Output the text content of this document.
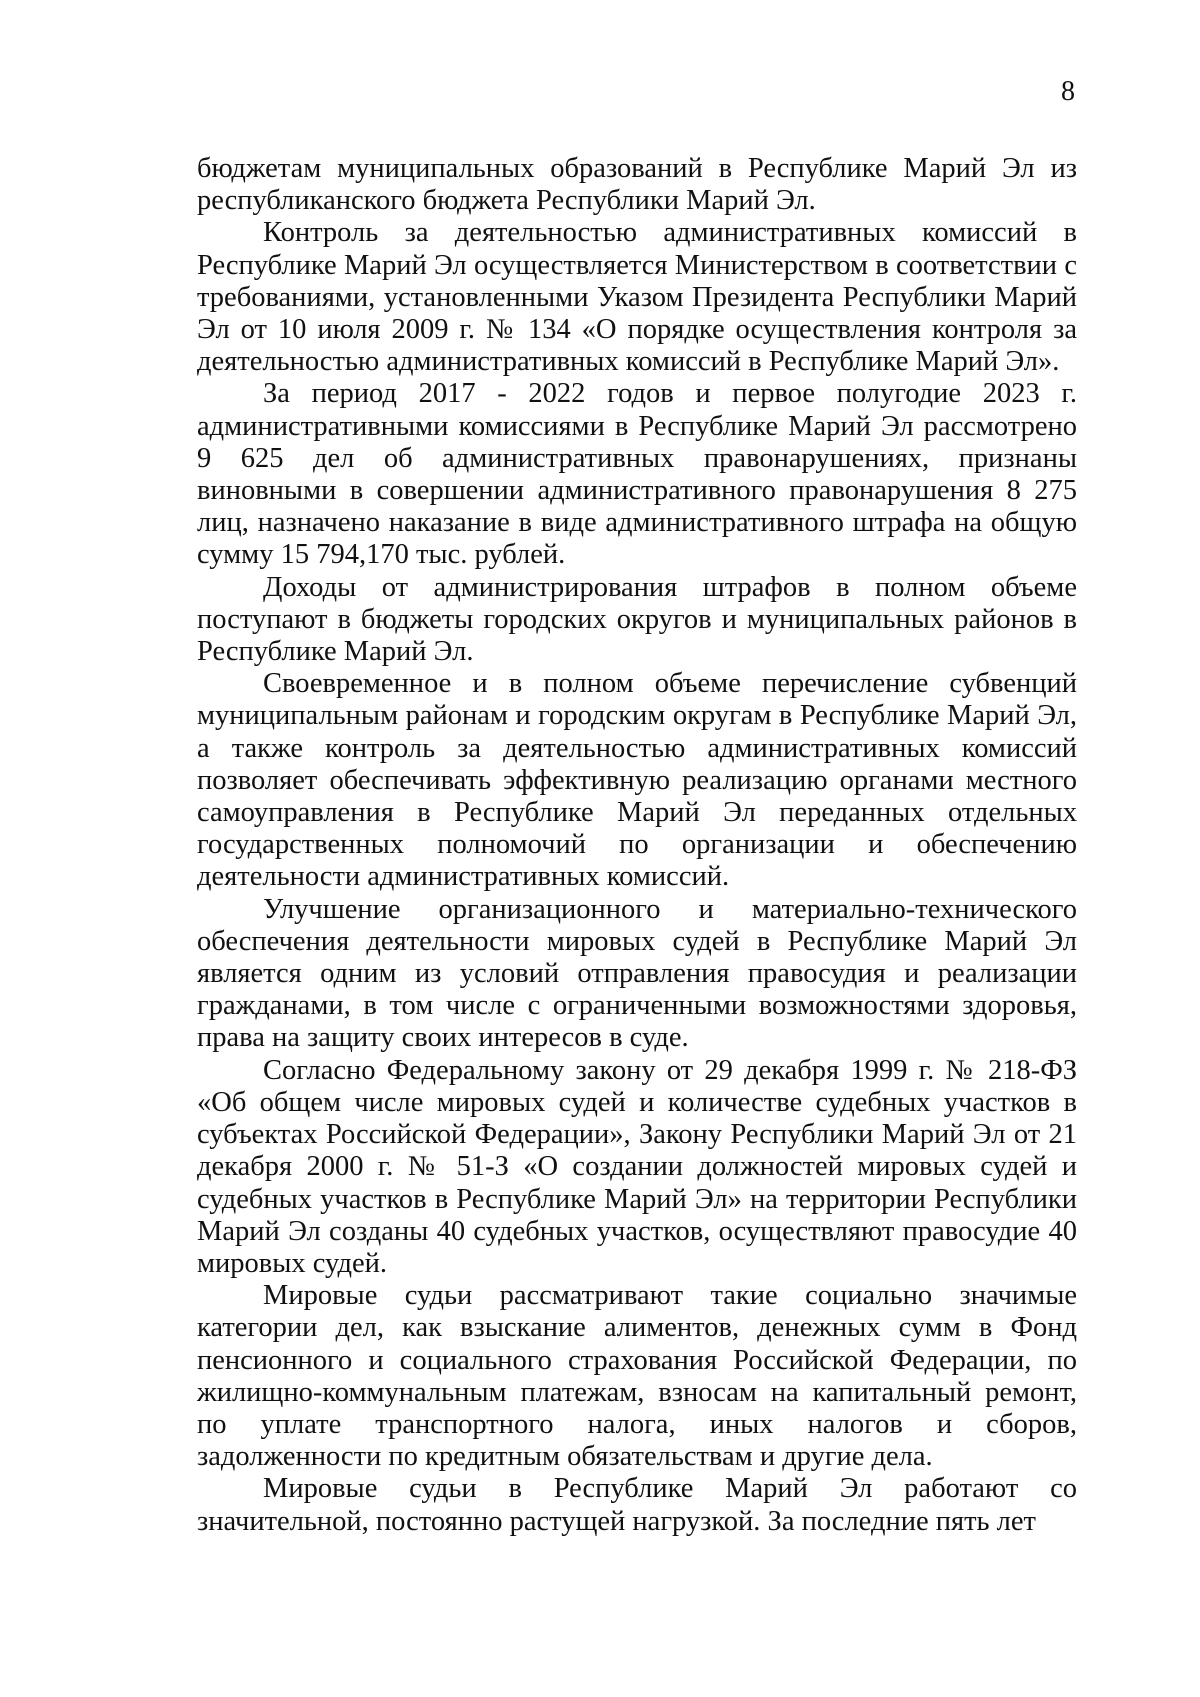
8

бюджетам муниципальных образований в Республике Марий Эл из республиканского бюджета Республики Марий Эл.

Контроль за деятельностью административных комиссий в Республике Марий Эл осуществляется Министерством в соответствии с требованиями, установленными Указом Президента Республики Марий Эл от 10 июля 2009 г. № 134 «О порядке осуществления контроля за деятельностью административных комиссий в Республике Марий Эл».

За период 2017 - 2022 годов и первое полугодие 2023 г. административными комиссиями в Республике Марий Эл рассмотрено 9 625 дел об административных правонарушениях, признаны виновными в совершении административного правонарушения 8 275 лиц, назначено наказание в виде административного штрафа на общую сумму 15 794,170 тыс. рублей.

Доходы от администрирования штрафов в полном объеме поступают в бюджеты городских округов и муниципальных районов в Республике Марий Эл.

Своевременное и в полном объеме перечисление субвенций муниципальным районам и городским округам в Республике Марий Эл, а также контроль за деятельностью административных комиссий позволяет обеспечивать эффективную реализацию органами местного самоуправления в Республике Марий Эл переданных отдельных государственных полномочий по организации и обеспечению деятельности административных комиссий.

Улучшение организационного и материально-технического обеспечения деятельности мировых судей в Республике Марий Эл является одним из условий отправления правосудия и реализации гражданами, в том числе с ограниченными возможностями здоровья, права на защиту своих интересов в суде.

Согласно Федеральному закону от 29 декабря 1999 г. № 218-ФЗ «Об общем числе мировых судей и количестве судебных участков в субъектах Российской Федерации», Закону Республики Марий Эл от 21 декабря 2000 г. № 51-З «О создании должностей мировых судей и судебных участков в Республике Марий Эл» на территории Республики Марий Эл созданы 40 судебных участков, осуществляют правосудие 40 мировых судей.

Мировые судьи рассматривают такие социально значимые категории дел, как взыскание алиментов, денежных сумм в Фонд пенсионного и социального страхования Российской Федерации, по жилищно-коммунальным платежам, взносам на капитальный ремонт, по уплате транспортного налога, иных налогов и сборов, задолженности по кредитным обязательствам и другие дела.

Мировые судьи в Республике Марий Эл работают со значительной, постоянно растущей нагрузкой. За последние пять лет
